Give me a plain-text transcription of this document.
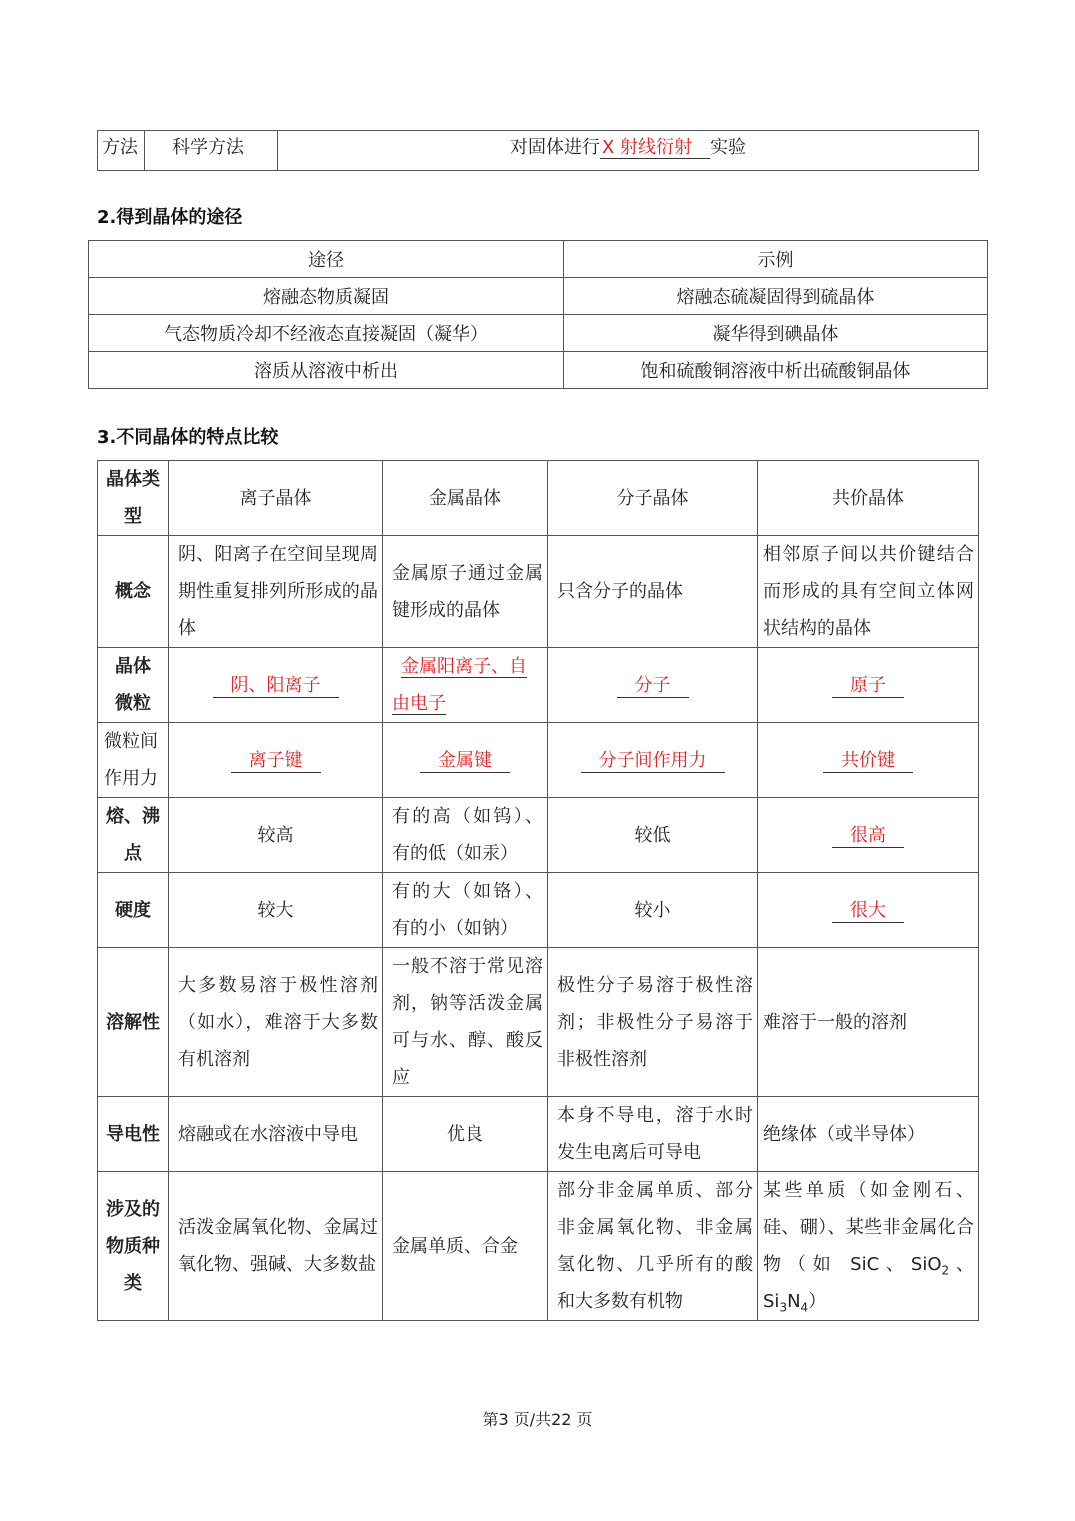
方法	科学方法	对固体进行 X 射线衍射 实验
2.得到晶体的途径
途径	示例
熔融态物质凝固	熔融态硫凝固得到硫晶体
气态物质冷却不经液态直接凝固（凝华）	凝华得到碘晶体
溶质从溶液中析出	饱和硫酸铜溶液中析出硫酸铜晶体
3.不同晶体的特点比较
晶体类型	离子晶体	金属晶体	分子晶体	共价晶体
概念	阴、阳离子在空间呈现周期性重复排列所形成的晶体	金属原子通过金属键形成的晶体	只含分子的晶体	相邻原子间以共价键结合而形成的具有空间立体网状结构的晶体
晶体微粒	阴、阳离子	金属阳离子、自由电子	分子	原子
微粒间作用力	离子键	金属键	分子间作用力	共价键
熔、沸点	较高	有的高（如钨）、有的低（如汞）	较低	很高
硬度	较大	有的大（如铬）、有的小（如钠）	较小	很大
溶解性	大多数易溶于极性溶剂（如水），难溶于大多数有机溶剂	一般不溶于常见溶剂，钠等活泼金属可与水、醇、酸反应	极性分子易溶于极性溶剂；非极性分子易溶于非极性溶剂	难溶于一般的溶剂
导电性	熔融或在水溶液中导电	优良	本身不导电，溶于水时发生电离后可导电	绝缘体（或半导体）
涉及的物质种类	活泼金属氧化物、金属过氧化物、强碱、大多数盐	金属单质、合金	部分非金属单质、部分非金属氧化物、非金属氢化物、几乎所有的酸和大多数有机物	某些单质（如金刚石、硅、硼）、某些非金属化合物（如 SiC、SiO$_2$、$Si_3N_4$）
第3 页/共22 页
